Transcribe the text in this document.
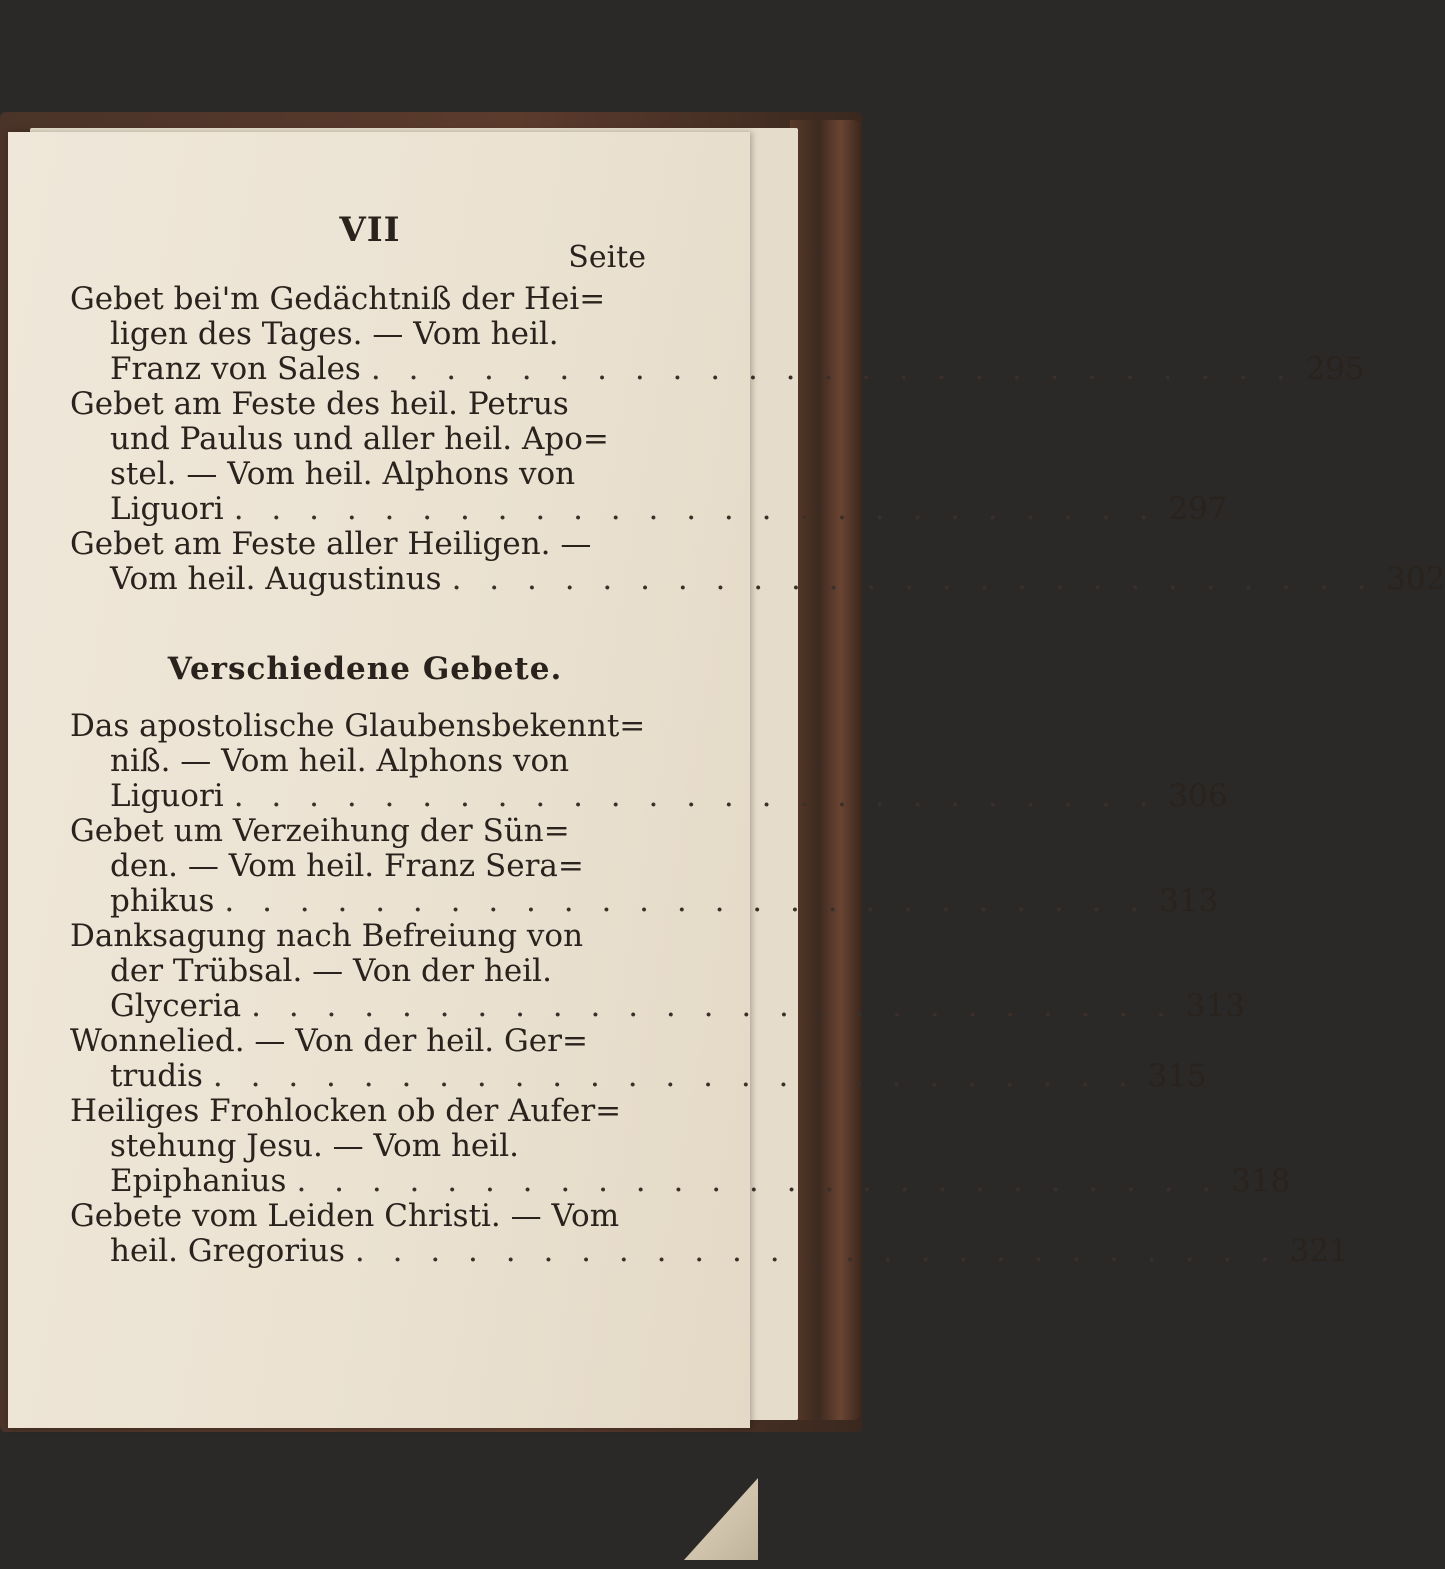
VII
Seite
Gebet bei'm Gedächtniß der Hei=
ligen des Tages. — Vom heil.
Franz von Sales . . . . . . . . . . . . . . . . . . . . . . . . . 295
Gebet am Feste des heil. Petrus
und Paulus und aller heil. Apo=
stel. — Vom heil. Alphons von
Liguori . . . . . . . . . . . . . . . . . . . . . . . . . 297
Gebet am Feste aller Heiligen. —
Vom heil. Augustinus . . . . . . . . . . . . . . . . . . . . . . . . . 302
Verschiedene Gebete.
Das apostolische Glaubensbekennt=
niß. — Vom heil. Alphons von
Liguori . . . . . . . . . . . . . . . . . . . . . . . . . 306
Gebet um Verzeihung der Sün=
den. — Vom heil. Franz Sera=
phikus . . . . . . . . . . . . . . . . . . . . . . . . . 313
Danksagung nach Befreiung von
der Trübsal. — Von der heil.
Glyceria . . . . . . . . . . . . . . . . . . . . . . . . . 313
Wonnelied. — Von der heil. Ger=
trudis . . . . . . . . . . . . . . . . . . . . . . . . . 315
Heiliges Frohlocken ob der Aufer=
stehung Jesu. — Vom heil.
Epiphanius . . . . . . . . . . . . . . . . . . . . . . . . . 318
Gebete vom Leiden Christi. — Vom
heil. Gregorius . . . . . . . . . . . . . . . . . . . . . . . . . 321
